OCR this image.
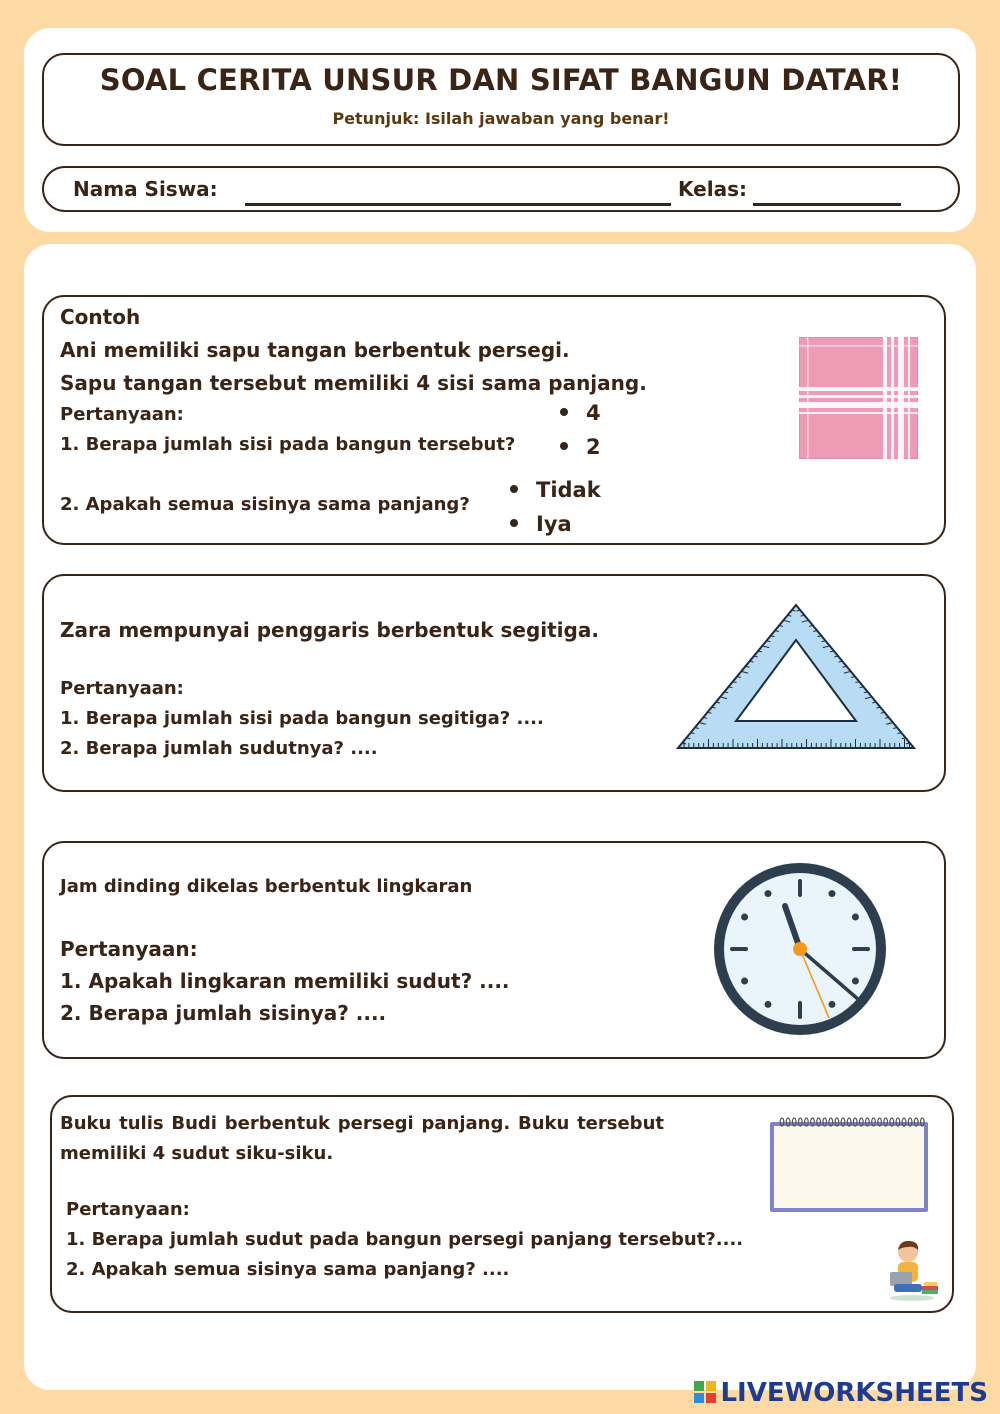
SOAL CERITA UNSUR DAN SIFAT BANGUN DATAR!
Petunjuk: Isilah jawaban yang benar!
Nama Siswa:	Kelas:
Contoh
Ani memiliki sapu tangan berbentuk persegi.
Sapu tangan tersebut memiliki 4 sisi sama panjang.
Pertanyaan:
1. Berapa jumlah sisi pada bangun tersebut?
4
2
2. Apakah semua sisinya sama panjang?
Tidak
Iya
Zara mempunyai penggaris berbentuk segitiga.
Pertanyaan:
1. Berapa jumlah sisi pada bangun segitiga? ....
2. Berapa jumlah sudutnya? ....
Jam dinding dikelas berbentuk lingkaran
Pertanyaan:
1. Apakah lingkaran memiliki sudut? ....
2. Berapa jumlah sisinya? ....
Buku tulis Budi berbentuk persegi panjang. Buku tersebut memiliki 4 sudut siku-siku.
Pertanyaan:
1. Berapa jumlah sudut pada bangun persegi panjang tersebut?....
2. Apakah semua sisinya sama panjang? ....
LIVEWORKSHEETS
